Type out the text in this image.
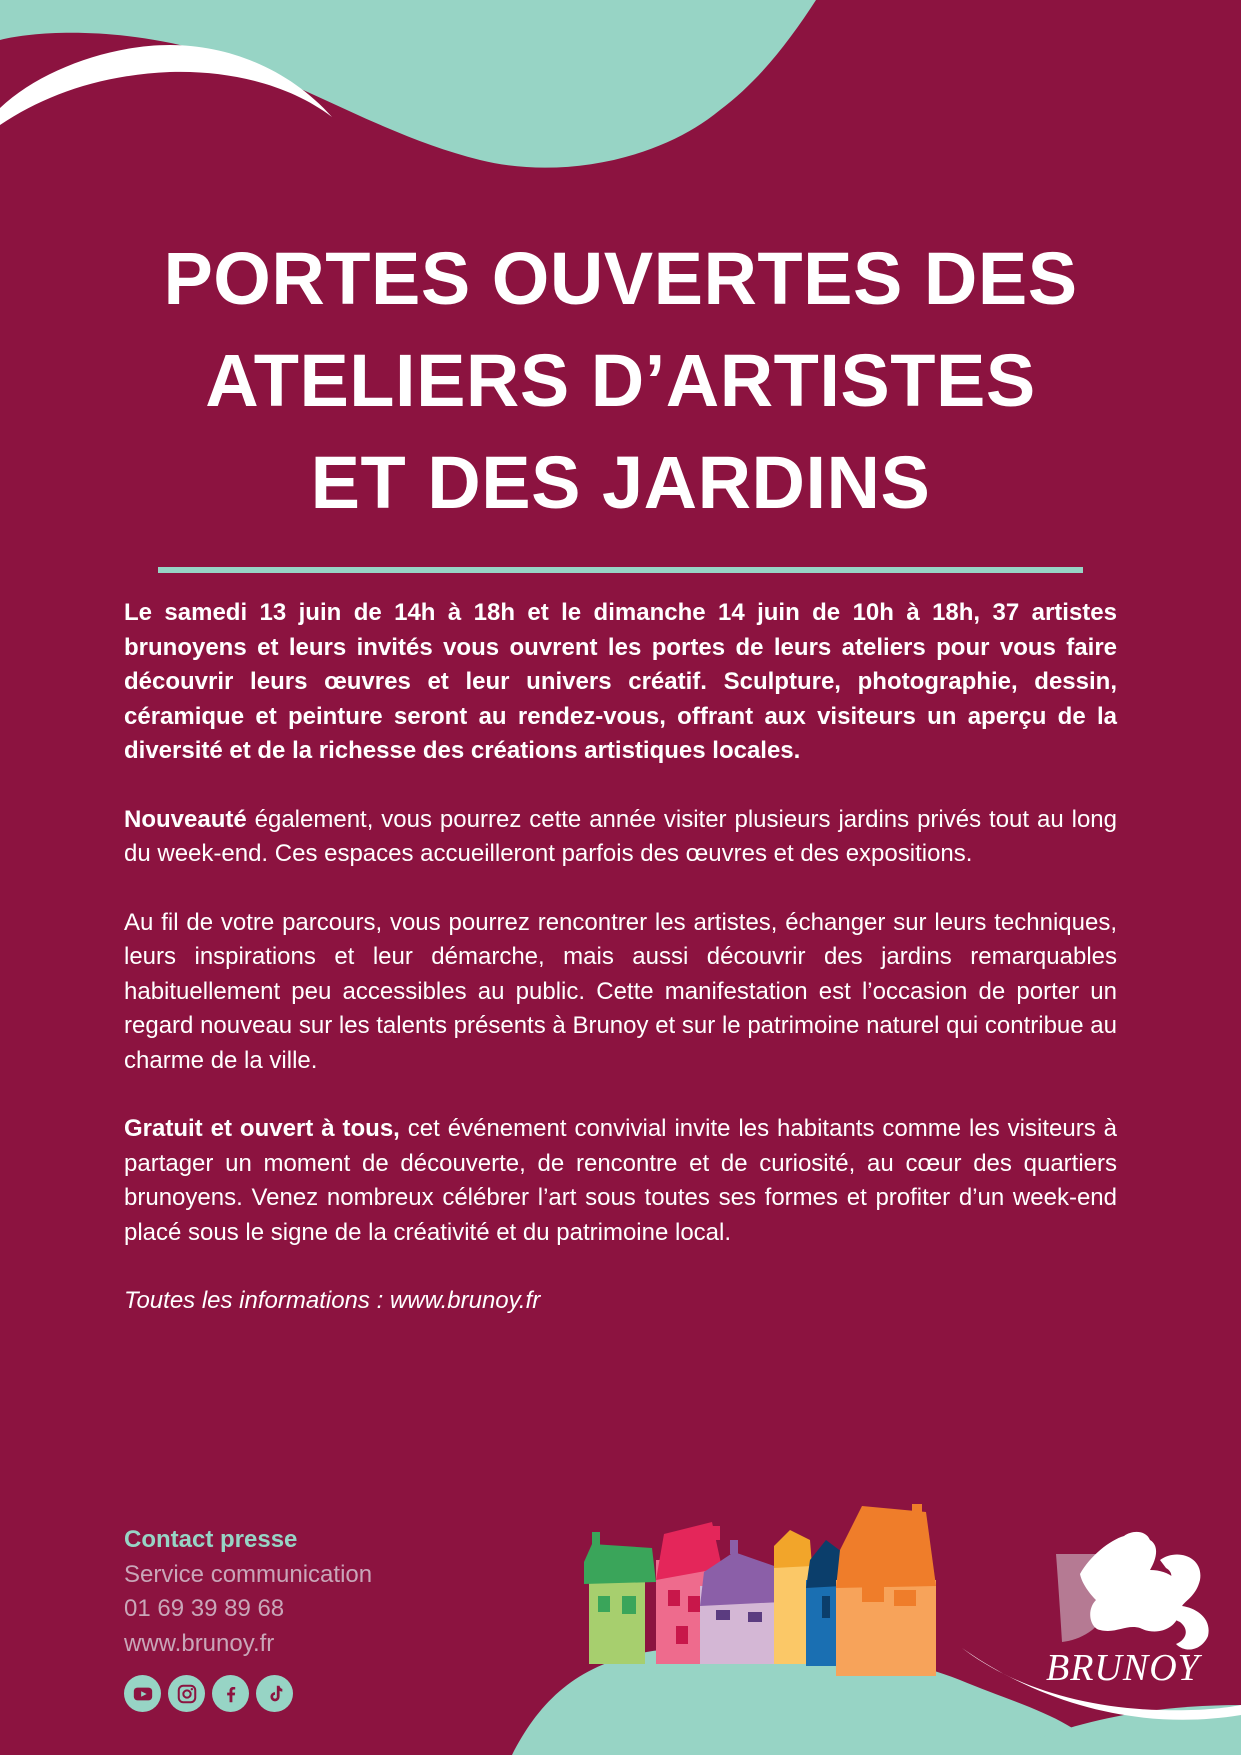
PORTES OUVERTES DES
ATELIERS D’ARTISTES
ET DES JARDINS

Le samedi 13 juin de 14h à 18h et le dimanche 14 juin de 10h à 18h, 37 artistes brunoyens et leurs invités vous ouvrent les portes de leurs ateliers pour vous faire découvrir leurs œuvres et leur univers créatif. Sculpture, photographie, dessin, céramique et peinture seront au rendez-vous, offrant aux visiteurs un aperçu de la diversité et de la richesse des créations artistiques locales.

Nouveauté également, vous pourrez cette année visiter plusieurs jardins privés tout au long du week-end. Ces espaces accueilleront parfois des œuvres et des expositions.

Au fil de votre parcours, vous pourrez rencontrer les artistes, échanger sur leurs techniques, leurs inspirations et leur démarche, mais aussi découvrir des jardins remarquables habituellement peu accessibles au public. Cette manifestation est l’occasion de porter un regard nouveau sur les talents présents à Brunoy et sur le patrimoine naturel qui contribue au charme de la ville.

Gratuit et ouvert à tous, cet événement convivial invite les habitants comme les visiteurs à partager un moment de découverte, de rencontre et de curiosité, au cœur des quartiers brunoyens. Venez nombreux célébrer l’art sous toutes ses formes et profiter d’un week-end placé sous le signe de la créativité et du patrimoine local.

Toutes les informations : www.brunoy.fr

Contact presse
Service communication
01 69 39 89 68
www.brunoy.fr
BRUNOY
